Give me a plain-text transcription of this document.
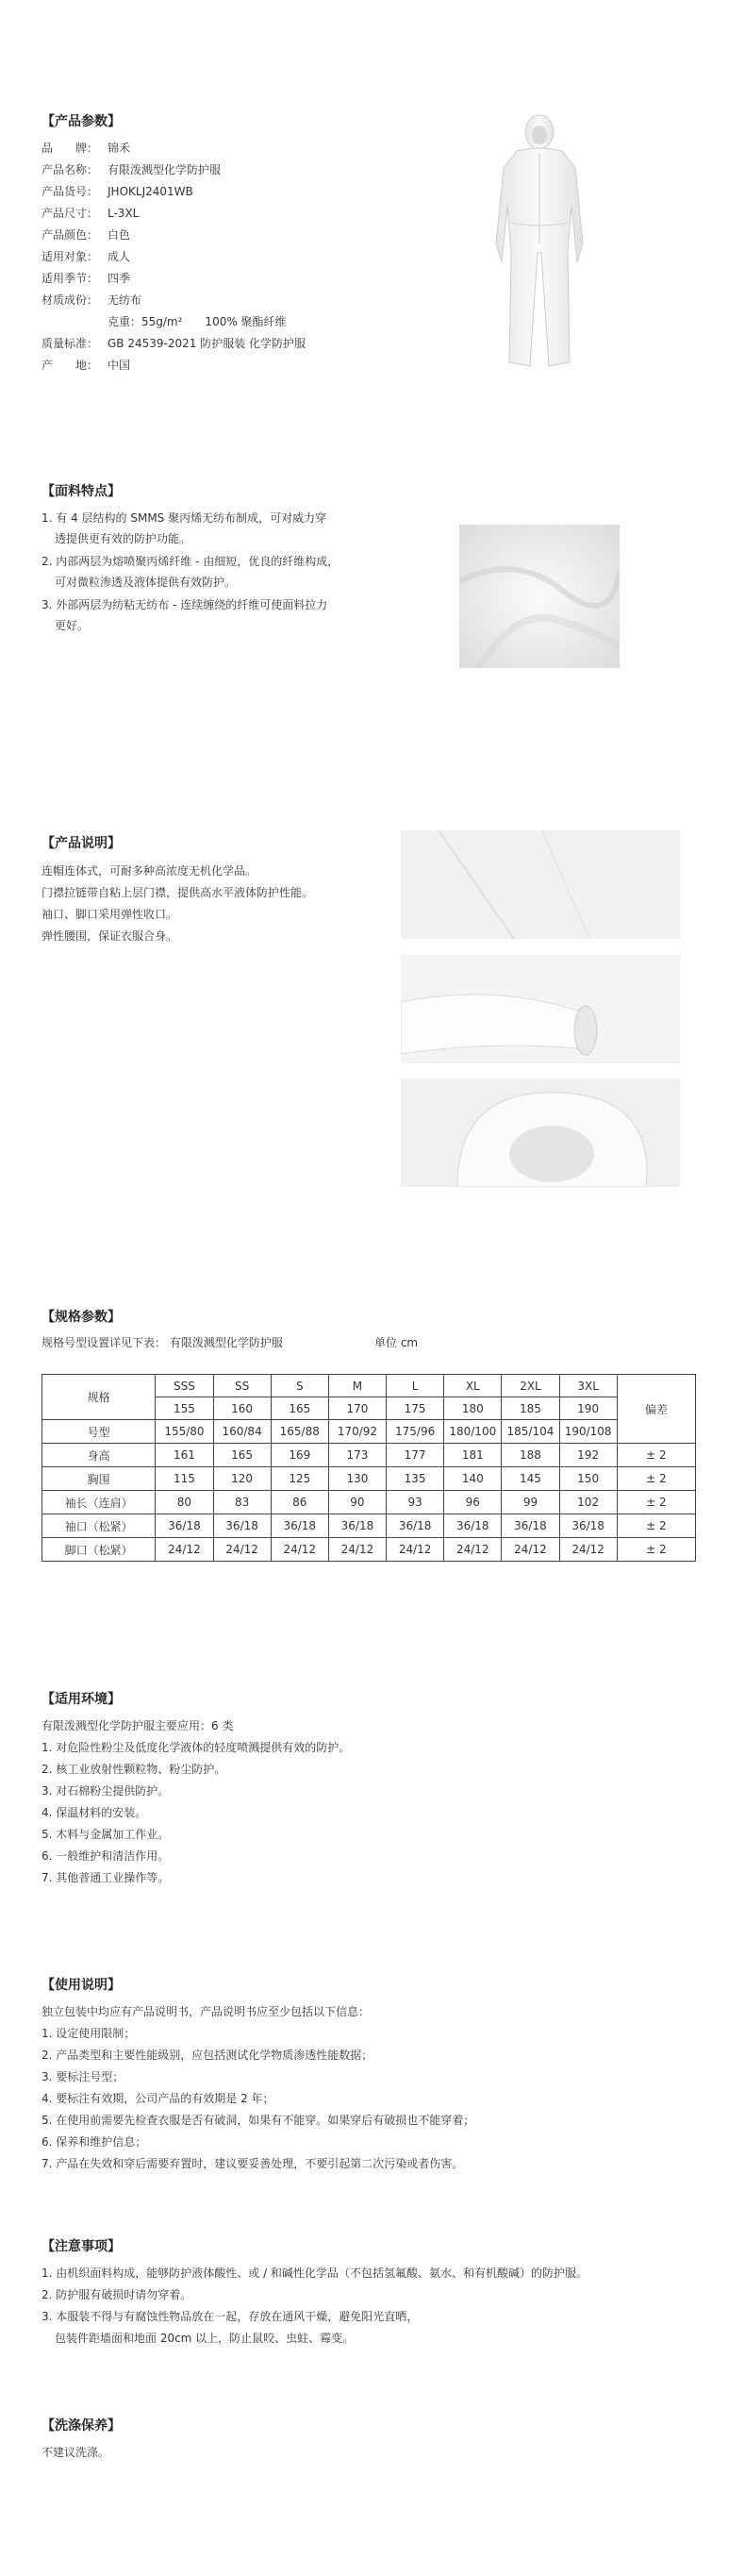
【产品参数】
品　　牌： 锦禾
产品名称： 有限泼溅型化学防护服
产品货号： JHOKLJ2401WB
产品尺寸： L-3XL
产品颜色： 白色
适用对象： 成人
适用季节： 四季
材质成份： 无纺布
克重：55g/m²　　100% 聚酯纤维
质量标准： GB 24539-2021 防护服装 化学防护服
产　　地： 中国
【面料特点】
1. 有 4 层结构的 SMMS 聚丙烯无纺布制成，可对威力穿
透提供更有效的防护功能。
2. 内部两层为熔喷聚丙烯纤维 - 由细短，优良的纤维构成，
可对微粒渗透及液体提供有效防护。
3. 外部两层为纺粘无纺布 - 连续缠绕的纤维可使面料拉力
更好。
【产品说明】
连帽连体式，可耐多种高浓度无机化学品。
门襟拉链带自粘上层门襟，提供高水平液体防护性能。
袖口、脚口采用弹性收口。
弹性腰围，保证衣服合身。
【规格参数】
规格号型设置详见下表： 有限泼溅型化学防护服	单位 cm
规格	SSS	SS	S	M	L	XL	2XL	3XL	偏差
	155	160	165	170	175	180	185	190	
号型	155/80	160/84	165/88	170/92	175/96	180/100	185/104	190/108	
身高	161	165	169	173	177	181	188	192	± 2
胸围	115	120	125	130	135	140	145	150	± 2
袖长（连肩）	80	83	86	90	93	96	99	102	± 2
袖口（松紧）	36/18	36/18	36/18	36/18	36/18	36/18	36/18	36/18	± 2
脚口（松紧）	24/12	24/12	24/12	24/12	24/12	24/12	24/12	24/12	± 2
【适用环境】
有限泼溅型化学防护服主要应用：6 类
1. 对危险性粉尘及低度化学液体的轻度喷溅提供有效的防护。
2. 核工业放射性颗粒物、粉尘防护。
3. 对石棉粉尘提供防护。
4. 保温材料的安装。
5. 木料与金属加工作业。
6. 一般维护和清洁作用。
7. 其他普通工业操作等。
【使用说明】
独立包装中均应有产品说明书，产品说明书应至少包括以下信息：
1. 设定使用限制；
2. 产品类型和主要性能级别，应包括测试化学物质渗透性能数据；
3. 要标注号型；
4. 要标注有效期，公司产品的有效期是 2 年；
5. 在使用前需要先检查衣服是否有破洞，如果有不能穿。如果穿后有破损也不能穿着；
6. 保养和维护信息；
7. 产品在失效和穿后需要弃置时，建议要妥善处理，不要引起第二次污染或者伤害。
【注意事项】
1. 由机织面料构成，能够防护液体酸性、或 / 和碱性化学品（不包括氢氟酸、氨水、和有机酸碱）的防护服。
2. 防护服有破损时请勿穿着。
3. 本服装不得与有腐蚀性物品放在一起，存放在通风干燥，避免阳光直晒，
包装件距墙面和地面 20cm 以上，防止鼠咬、虫蛀、霉变。
【洗涤保养】
不建议洗涤。
